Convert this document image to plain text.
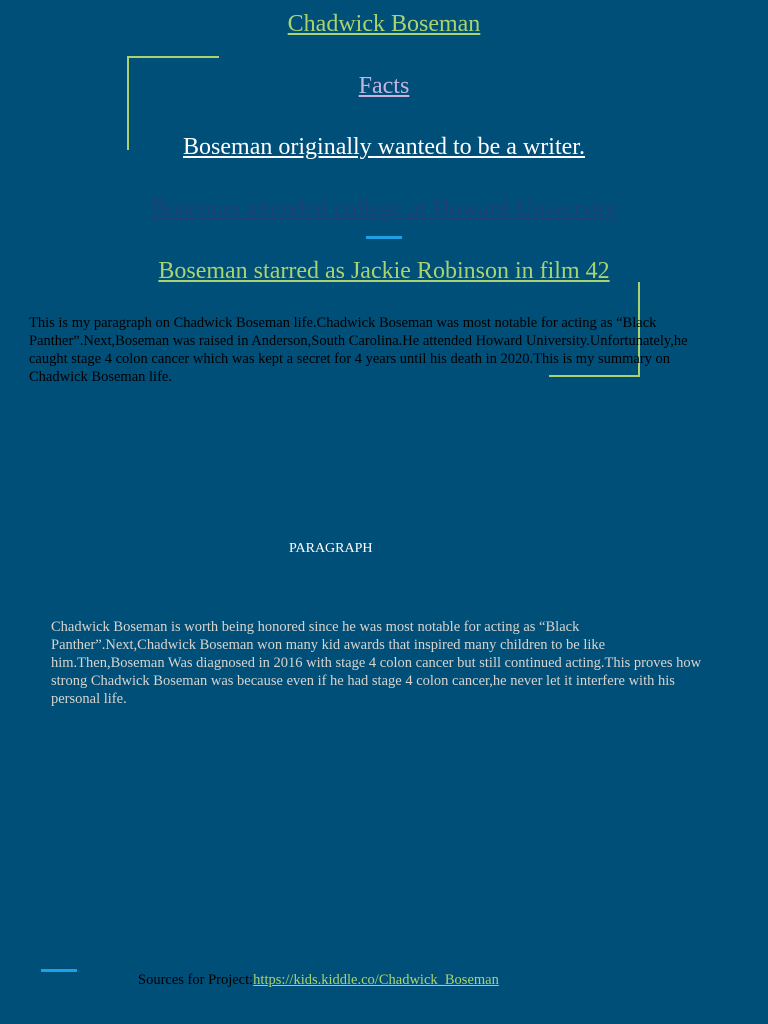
Chadwick Boseman
Facts
Boseman originally wanted to be a writer.
Boseman attended college at Howard University
Boseman starred as Jackie Robinson in film 42

This is my paragraph on Chadwick Boseman life.Chadwick Boseman was most notable for acting as “Black Panther”.Next,Boseman was raised in Anderson,South Carolina.He attended Howard University.Unfortunately,he caught stage 4 colon cancer which was kept a secret for 4 years until his death in 2020.This is my summary on Chadwick Boseman life.

PARAGRAPH

Chadwick Boseman is worth being honored since he was most notable for acting as “Black Panther”.Next,Chadwick Boseman won many kid awards that inspired many children to be like him.Then,Boseman Was diagnosed in 2016 with stage 4 colon cancer but still continued acting.This proves how strong Chadwick Boseman was because even if he had stage 4 colon cancer,he never let it interfere with his personal life.

Sources for Project:https://kids.kiddle.co/Chadwick_Boseman
